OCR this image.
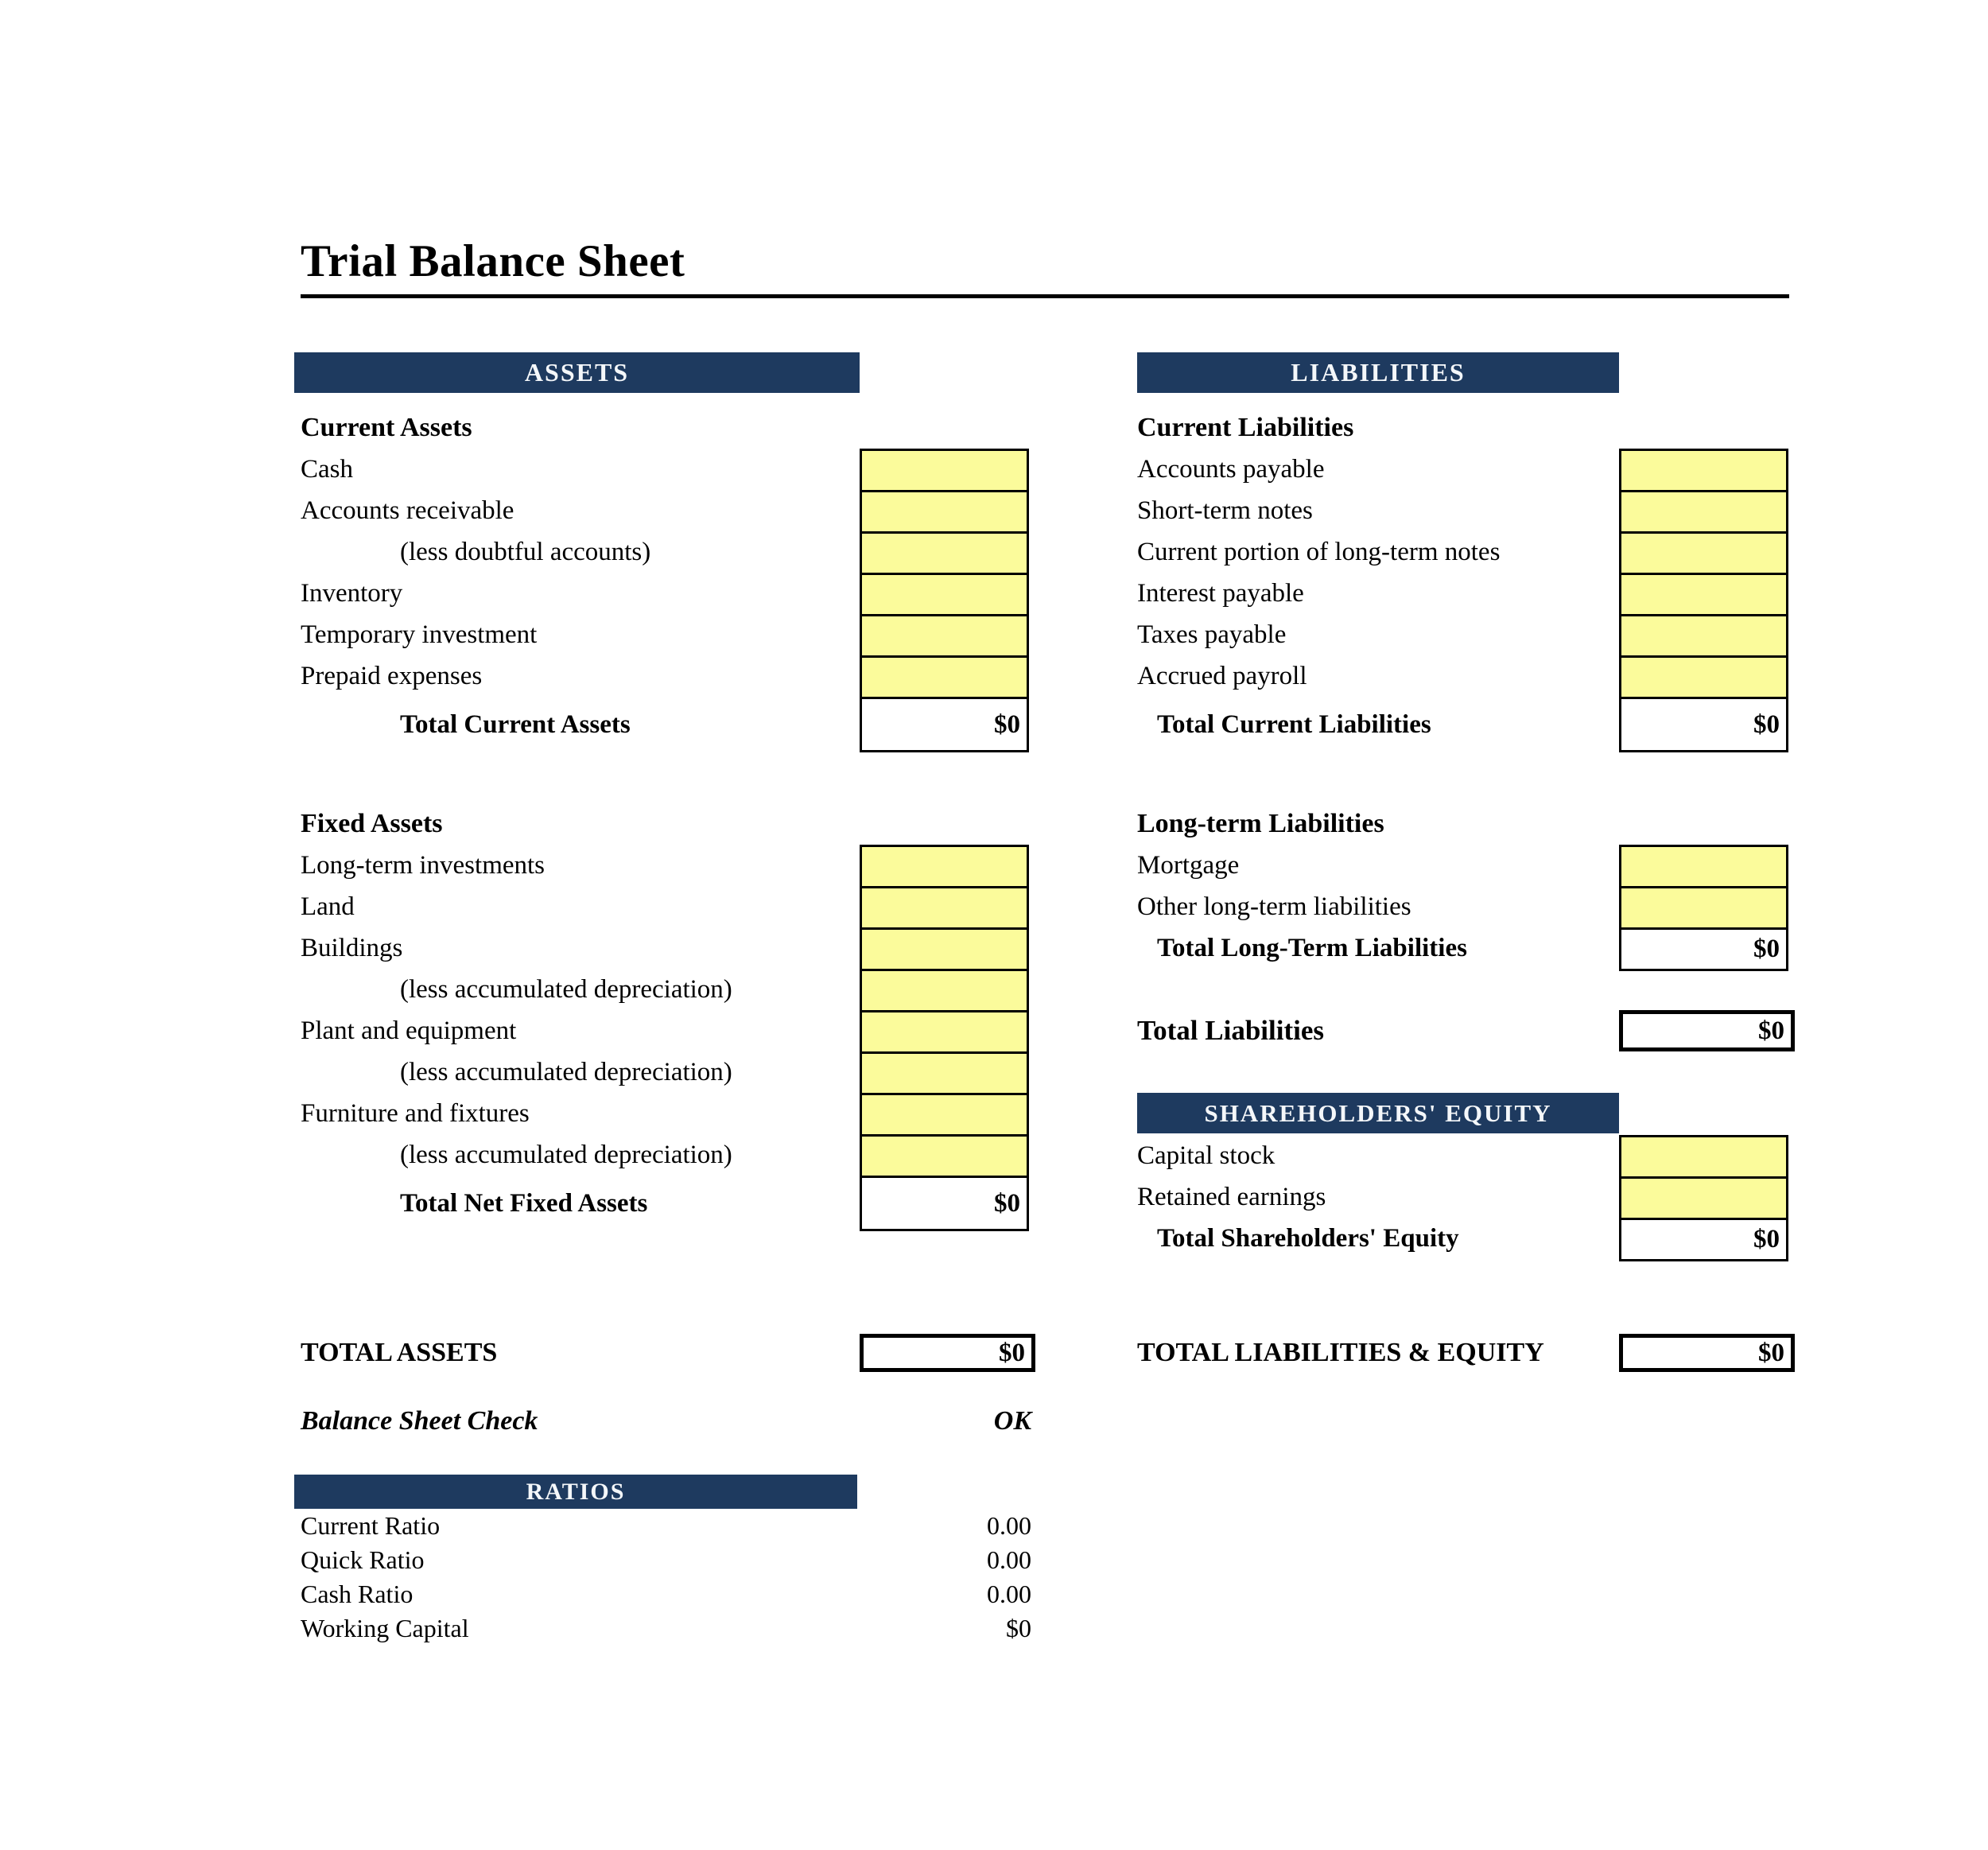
Trial Balance Sheet
ASSETS	LIABILITIES
Current Assets
Cash
Accounts receivable
(less doubtful accounts)
Inventory
Temporary investment
Prepaid expenses
Total Current Assets	$0
Fixed Assets
Long-term investments
Land
Buildings
(less accumulated depreciation)
Plant and equipment
(less accumulated depreciation)
Furniture and fixtures
(less accumulated depreciation)
Total Net Fixed Assets	$0
Current Liabilities
Accounts payable
Short-term notes
Current portion of long-term notes
Interest payable
Taxes payable
Accrued payroll
Total Current Liabilities	$0
Long-term Liabilities
Mortgage
Other long-term liabilities
Total Long-Term Liabilities	$0
Total Liabilities	$0
SHAREHOLDERS' EQUITY
Capital stock
Retained earnings
Total Shareholders' Equity	$0
TOTAL ASSETS	$0	TOTAL LIABILITIES & EQUITY	$0
Balance Sheet Check	OK
RATIOS
Current Ratio	0.00
Quick Ratio	0.00
Cash Ratio	0.00
Working Capital	$0
